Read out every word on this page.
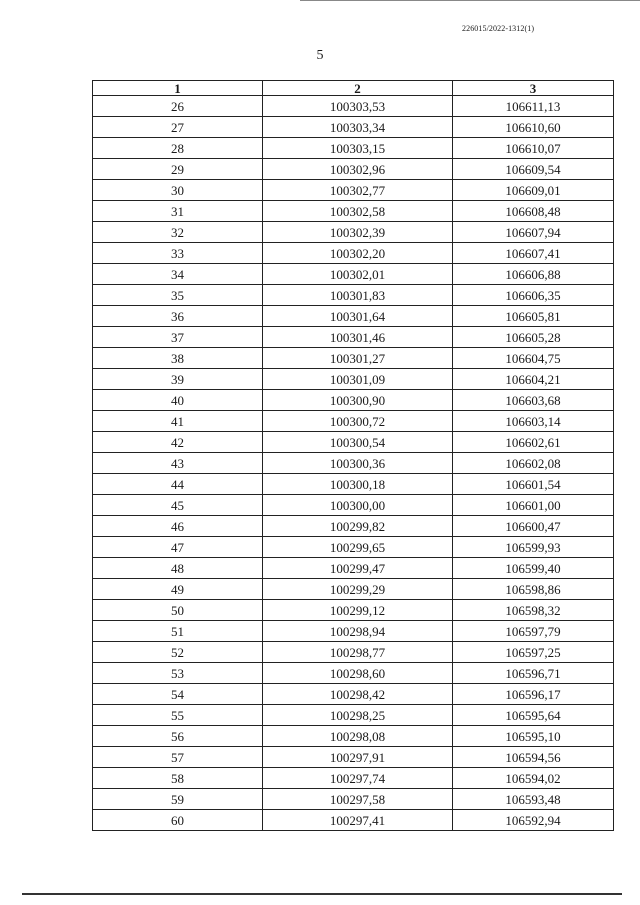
226015/2022-1312(1)
5
1	2	3
26	100303,53	106611,13
27	100303,34	106610,60
28	100303,15	106610,07
29	100302,96	106609,54
30	100302,77	106609,01
31	100302,58	106608,48
32	100302,39	106607,94
33	100302,20	106607,41
34	100302,01	106606,88
35	100301,83	106606,35
36	100301,64	106605,81
37	100301,46	106605,28
38	100301,27	106604,75
39	100301,09	106604,21
40	100300,90	106603,68
41	100300,72	106603,14
42	100300,54	106602,61
43	100300,36	106602,08
44	100300,18	106601,54
45	100300,00	106601,00
46	100299,82	106600,47
47	100299,65	106599,93
48	100299,47	106599,40
49	100299,29	106598,86
50	100299,12	106598,32
51	100298,94	106597,79
52	100298,77	106597,25
53	100298,60	106596,71
54	100298,42	106596,17
55	100298,25	106595,64
56	100298,08	106595,10
57	100297,91	106594,56
58	100297,74	106594,02
59	100297,58	106593,48
60	100297,41	106592,94
